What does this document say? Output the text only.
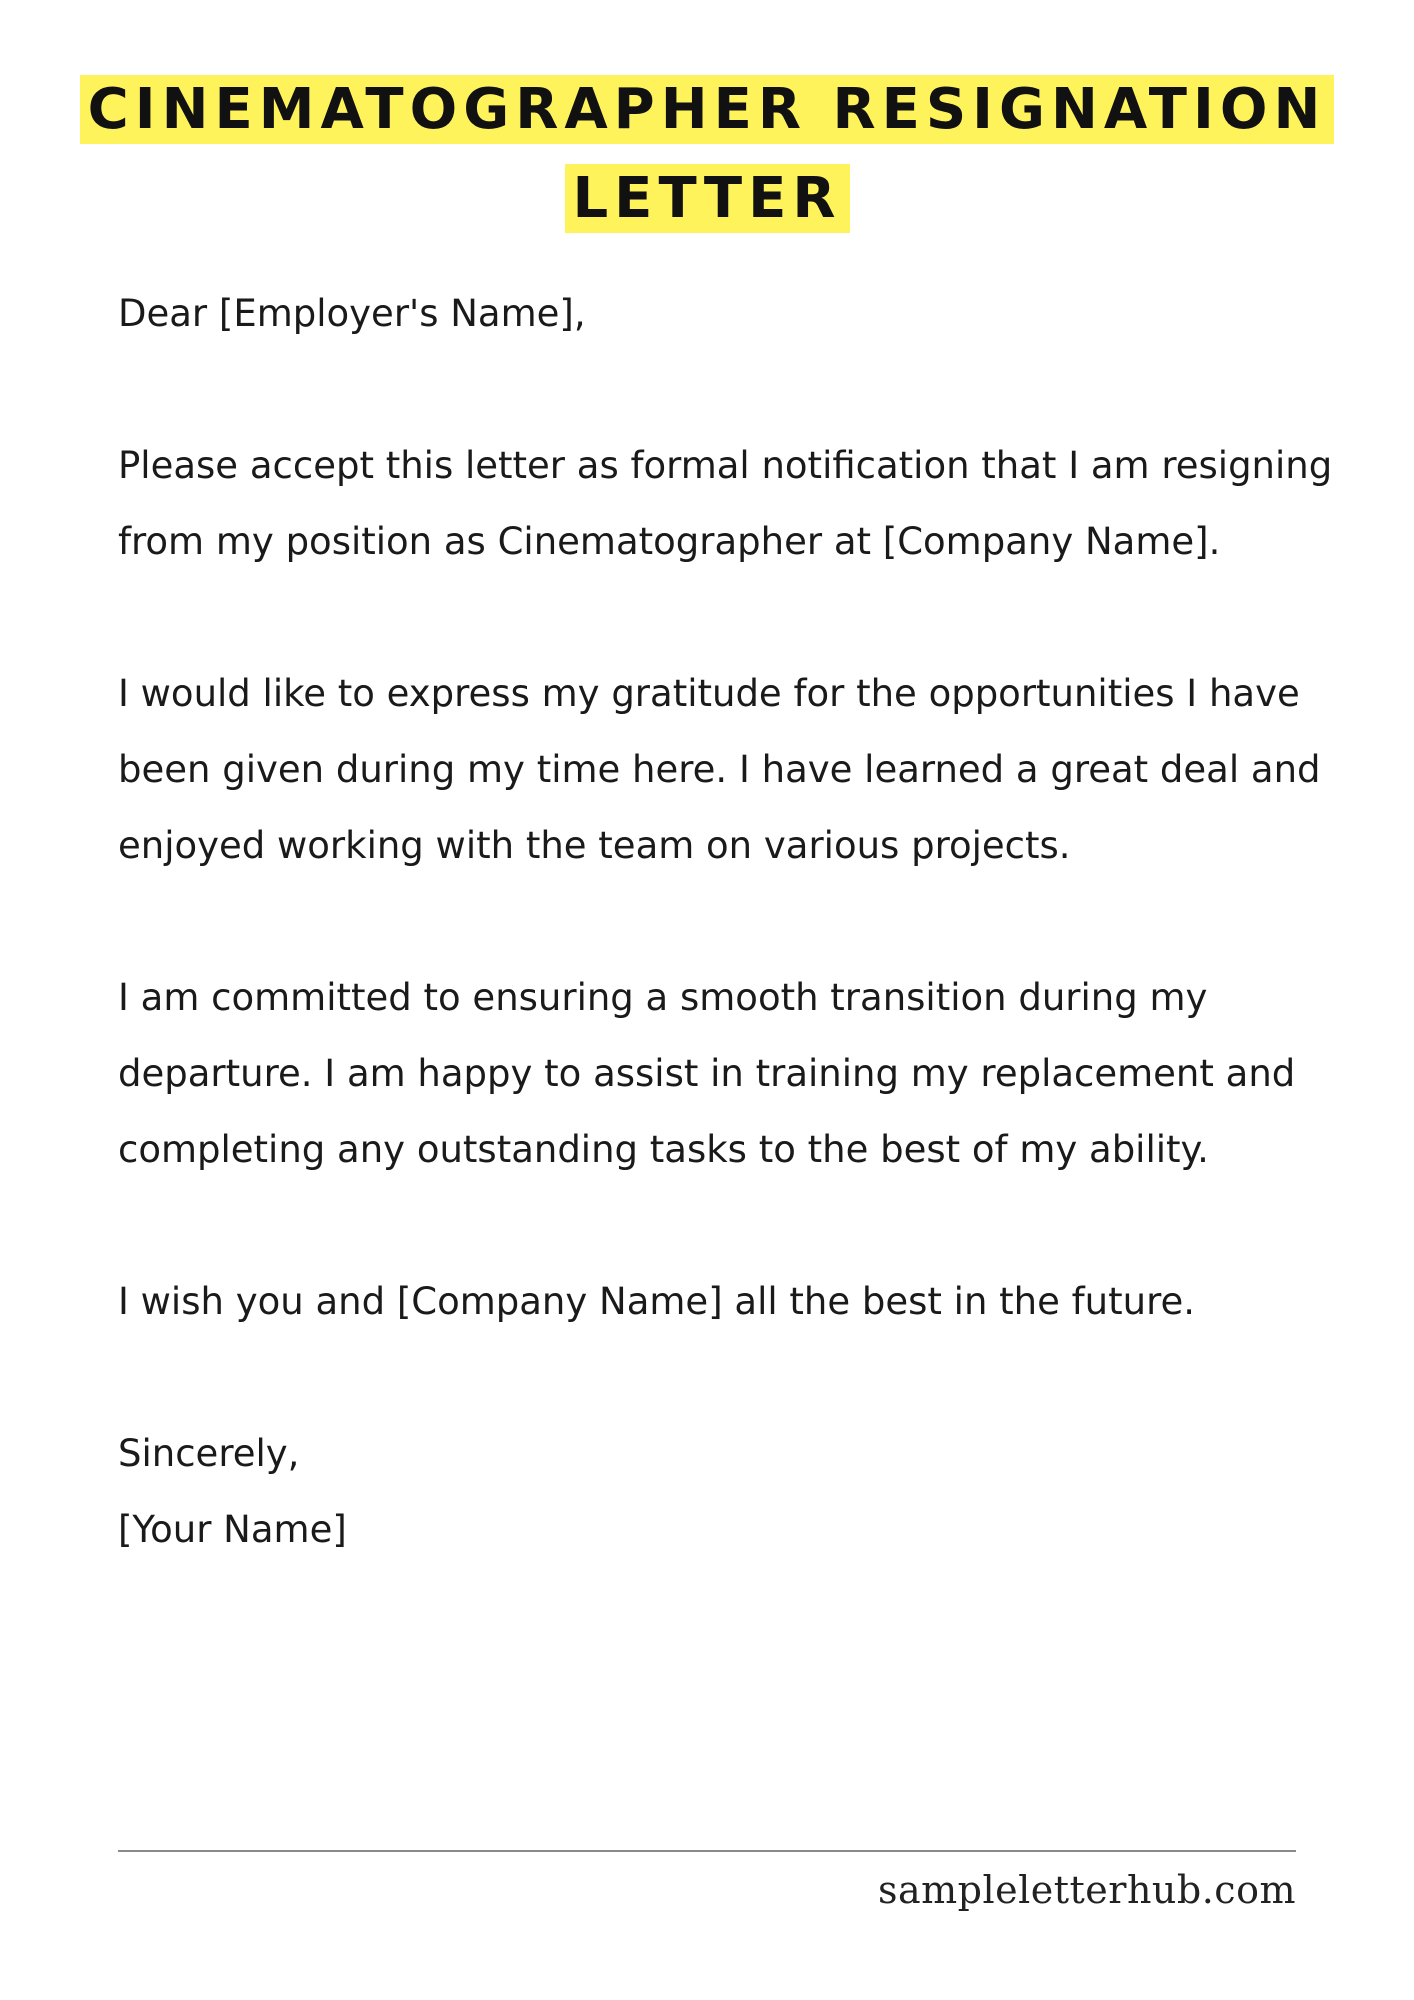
CINEMATOGRAPHER RESIGNATION LETTER

Dear [Employer's Name],

Please accept this letter as formal notification that I am resigning from my position as Cinematographer at [Company Name].

I would like to express my gratitude for the opportunities I have been given during my time here. I have learned a great deal and enjoyed working with the team on various projects.

I am committed to ensuring a smooth transition during my departure. I am happy to assist in training my replacement and completing any outstanding tasks to the best of my ability.

I wish you and [Company Name] all the best in the future.

Sincerely,

[Your Name]

sampleletterhub.com
